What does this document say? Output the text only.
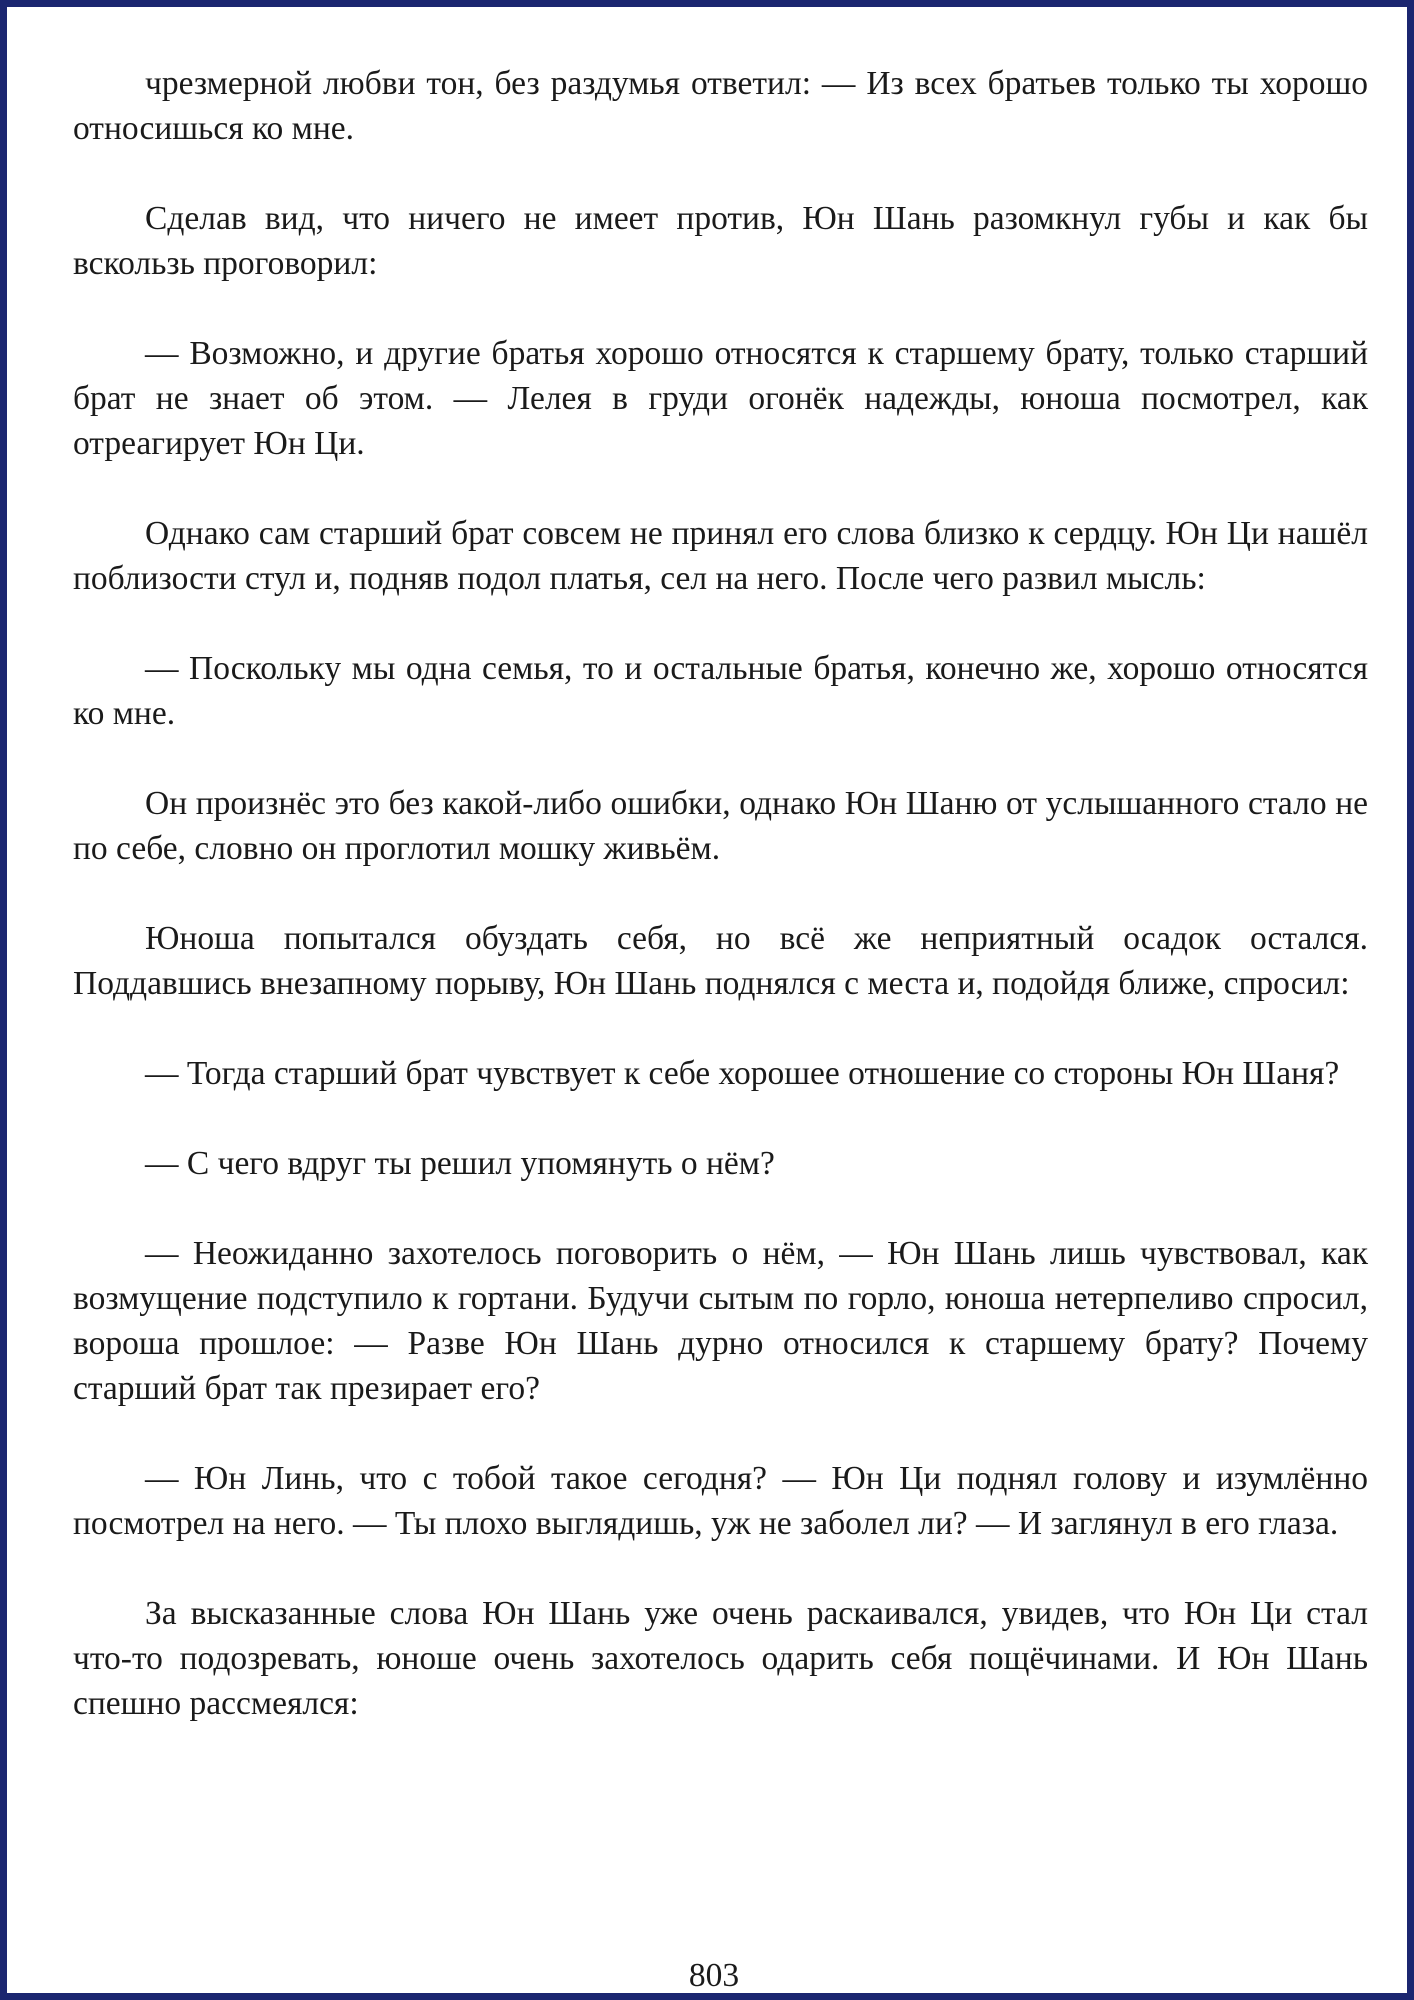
чрезмерной любви тон, без раздумья ответил: — Из всех братьев только ты хорошо относишься ко мне.

Сделав вид, что ничего не имеет против, Юн Шань разомкнул губы и как бы вскользь проговорил:

— Возможно, и другие братья хорошо относятся к старшему брату, только старший брат не знает об этом. — Лелея в груди огонёк надежды, юноша посмотрел, как отреагирует Юн Ци.

Однако сам старший брат совсем не принял его слова близко к сердцу. Юн Ци нашёл поблизости стул и, подняв подол платья, сел на него. После чего развил мысль:

— Поскольку мы одна семья, то и остальные братья, конечно же, хорошо относятся ко мне.

Он произнёс это без какой-либо ошибки, однако Юн Шаню от услышанного стало не по себе, словно он проглотил мошку живьём.

Юноша попытался обуздать себя, но всё же неприятный осадок остался. Поддавшись внезапному порыву, Юн Шань поднялся с места и, подойдя ближе, спросил:

— Тогда старший брат чувствует к себе хорошее отношение со стороны Юн Шаня?

— С чего вдруг ты решил упомянуть о нём?

— Неожиданно захотелось поговорить о нём, — Юн Шань лишь чувствовал, как возмущение подступило к гортани. Будучи сытым по горло, юноша нетерпеливо спросил, вороша прошлое: — Разве Юн Шань дурно относился к старшему брату? Почему старший брат так презирает его?

— Юн Линь, что с тобой такое сегодня? — Юн Ци поднял голову и изумлённо посмотрел на него. — Ты плохо выглядишь, уж не заболел ли? — И заглянул в его глаза.

За высказанные слова Юн Шань уже очень раскаивался, увидев, что Юн Ци стал что-то подозревать, юноше очень захотелось одарить себя пощёчинами. И Юн Шань спешно рассмеялся:

803
